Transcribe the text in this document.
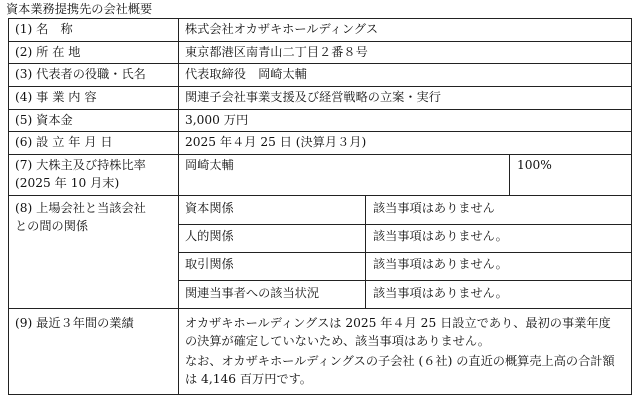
資本業務提携先の会社概要
(1) 名　称	株式会社オカザキホールディングス
(2) 所 在 地	東京都港区南青山二丁目２番８号
(3) 代表者の役職・氏名	代表取締役　岡崎太輔
(4) 事 業 内 容	関連子会社事業支援及び経営戦略の立案・実行
(5) 資本金	3,000 万円
(6) 設 立 年 月 日	2025 年４月 25 日 (決算月３月)
(7) 大株主及び持株比率
(2025 年 10 月末)
岡崎太輔	100%
(8) 上場会社と当該会社
との間の関係
資本関係	該当事項はありません
人的関係	該当事項はありません。
取引関係	該当事項はありません。
関連当事者への該当状況	該当事項はありません。
(9) 最近３年間の業績	オカザキホールディングスは 2025 年４月 25 日設立であり、最初の事業年度の決算が確定していないため、該当事項はありません。
なお、オカザキホールディングスの子会社 (６社) の直近の概算売上高の合計額は 4,146 百万円です。
